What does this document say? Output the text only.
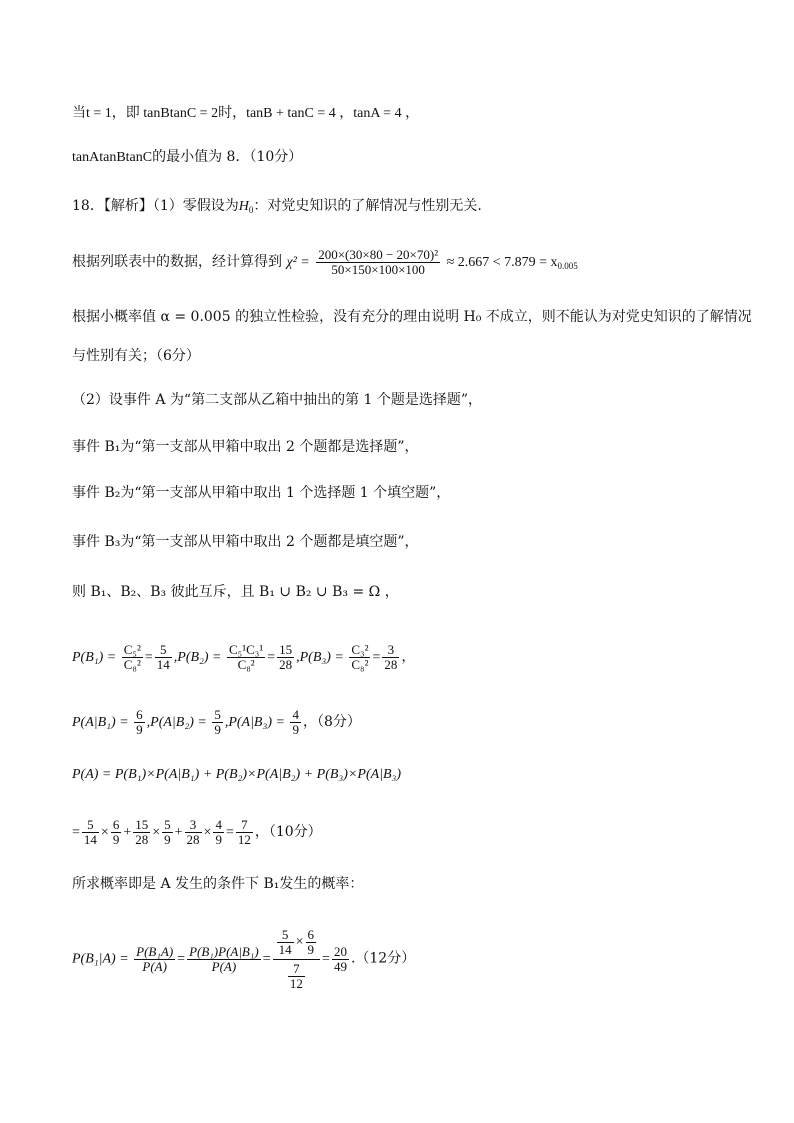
当t = 1，即 tanBtanC = 2时，tanB + tanC = 4 ，tanA = 4 ，
tanAtanBtanC的最小值为 8．（10分）
18．【解析】（1）零假设为$H_0$：对党史知识的了解情况与性别无关.
根据列联表中的数据，经计算得到 $\chi^2 = \frac{\text{200×(30×80 − 20×70)²}}{50\times 150\times 100\times 100} \approx 2.667 < 7.879 = x_{0.005}$
根据小概率值 α = 0.005 的独立性检验，没有充分的理由说明 H₀ 不成立，则不能认为对党史知识的了解情况
与性别有关；（6分）
（2）设事件 A 为“第二支部从乙箱中抽出的第 1 个题是选择题”，
事件 B₁为“第一支部从甲箱中取出 2 个题都是选择题”，
事件 B₂为“第一支部从甲箱中取出 1 个选择题 1 个填空题”，
事件 B₃为“第一支部从甲箱中取出 2 个题都是填空题”，
则 B₁、B₂、B₃ 彼此互斥，且 B₁ ∪ B₂ ∪ B₃ = Ω ，
$P(B_1) = \frac{\text{C₅²}}{\text{C₈²}} = \frac{5}{14} ,P(B_2) = \frac{\text{C₅¹C₃¹}}{\text{C₈²}} = \frac{15}{28} ,P(B_3) = \frac{\text{C₃²}}{\text{C₈²}} = \frac{3}{28}$ ，
$P(A|B_1) = \frac{6}{9} ,P(A|B_2) = \frac{5}{9} ,P(A|B_3) = \frac{4}{9}$ ，（8分）
P(A) = P(B₁)×P(A|B₁) + P(B₂)×P(A|B₂) + P(B₃)×P(A|B₃)
= $\frac{5}{14} \times \frac{6}{9} + \frac{15}{28} \times \frac{5}{9} + \frac{3}{28} \times \frac{4}{9} = \frac{7}{12}$ ，（10分）
所求概率即是 A 发生的条件下 B₁发生的概率：
$P(B_1|A) = \frac{\text{P(B₁A)}}{P(A)} = \frac{\text{P(B₁)P(A|B₁)}}{P(A)} = \frac{\frac{5}{14} \times \frac{6}{9}}{\frac{7}{12}} = \frac{20}{49} .(12$分）
